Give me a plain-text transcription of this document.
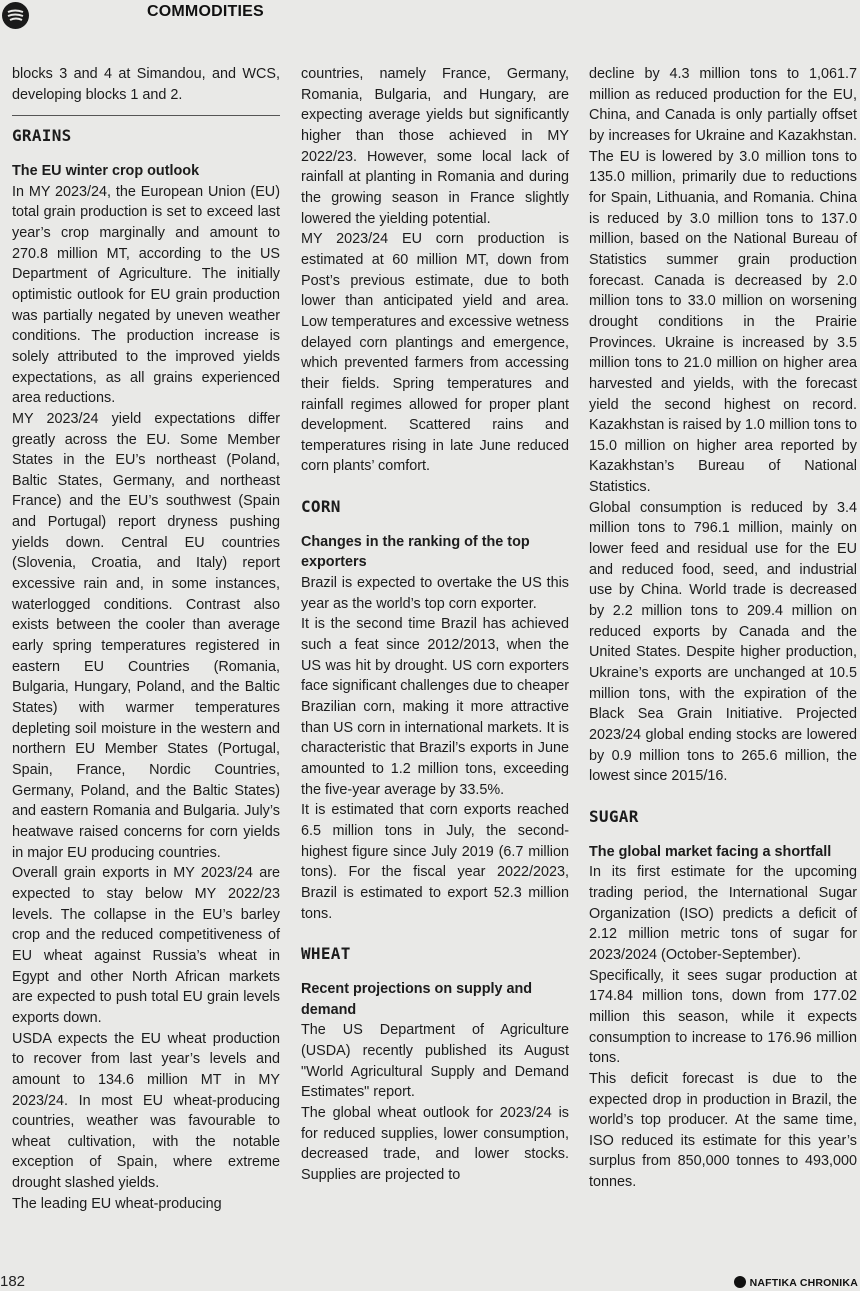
COMMODITIES

blocks 3 and 4 at Simandou, and WCS, developing blocks 1 and 2.

GRAINS

The EU winter crop outlook

In MY 2023/24, the European Union (EU) total grain production is set to exceed last year’s crop marginally and amount to 270.8 million MT, according to the US Department of Agriculture. The initially optimistic outlook for EU grain production was partially negated by uneven weather conditions. The production increase is solely attributed to the improved yields expectations, as all grains experienced area reductions.

MY 2023/24 yield expectations differ greatly across the EU. Some Member States in the EU’s northeast (Poland, Baltic States, Germany, and northeast France) and the EU’s southwest (Spain and Portugal) report dryness pushing yields down. Central EU countries (Slovenia, Croatia, and Italy) report excessive rain and, in some instances, waterlogged conditions. Contrast also exists between the cooler than average early spring temperatures registered in eastern EU Countries (Romania, Bulgaria, Hungary, Poland, and the Baltic States) with warmer temperatures depleting soil moisture in the western and northern EU Member States (Portugal, Spain, France, Nordic Countries, Germany, Poland, and the Baltic States) and eastern Romania and Bulgaria. July’s heatwave raised concerns for corn yields in major EU producing countries.

Overall grain exports in MY 2023/24 are expected to stay below MY 2022/23 levels. The collapse in the EU’s barley crop and the reduced competitiveness of EU wheat against Russia’s wheat in Egypt and other North African markets are expected to push total EU grain levels exports down.

USDA expects the EU wheat production to recover from last year’s levels and amount to 134.6 million MT in MY 2023/24. In most EU wheat-producing countries, weather was favourable to wheat cultivation, with the notable exception of Spain, where extreme drought slashed yields.

The leading EU wheat-producing

countries, namely France, Germany, Romania, Bulgaria, and Hungary, are expecting average yields but significantly higher than those achieved in MY 2022/23. However, some local lack of rainfall at planting in Romania and during the growing season in France slightly lowered the yielding potential.

MY 2023/24 EU corn production is estimated at 60 million MT, down from Post’s previous estimate, due to both lower than anticipated yield and area. Low temperatures and excessive wetness delayed corn plantings and emergence, which prevented farmers from accessing their fields. Spring temperatures and rainfall regimes allowed for proper plant development. Scattered rains and temperatures rising in late June reduced corn plants’ comfort.

CORN

Changes in the ranking of the top exporters

Brazil is expected to overtake the US this year as the world’s top corn exporter.

It is the second time Brazil has achieved such a feat since 2012/2013, when the US was hit by drought. US corn exporters face significant challenges due to cheaper Brazilian corn, making it more attractive than US corn in international markets. It is characteristic that Brazil’s exports in June amounted to 1.2 million tons, exceeding the five-year average by 33.5%.

It is estimated that corn exports reached 6.5 million tons in July, the second-highest figure since July 2019 (6.7 million tons). For the fiscal year 2022/2023, Brazil is estimated to export 52.3 million tons.

WHEAT

Recent projections on supply and demand

The US Department of Agriculture (USDA) recently published its August "World Agricultural Supply and Demand Estimates" report.

The global wheat outlook for 2023/24 is for reduced supplies, lower consumption, decreased trade, and lower stocks. Supplies are projected to

decline by 4.3 million tons to 1,061.7 million as reduced production for the EU, China, and Canada is only partially offset by increases for Ukraine and Kazakhstan. The EU is lowered by 3.0 million tons to 135.0 million, primarily due to reductions for Spain, Lithuania, and Romania. China is reduced by 3.0 million tons to 137.0 million, based on the National Bureau of Statistics summer grain production forecast. Canada is decreased by 2.0 million tons to 33.0 million on worsening drought conditions in the Prairie Provinces. Ukraine is increased by 3.5 million tons to 21.0 million on higher area harvested and yields, with the forecast yield the second highest on record. Kazakhstan is raised by 1.0 million tons to 15.0 million on higher area reported by Kazakhstan’s Bureau of National Statistics.

Global consumption is reduced by 3.4 million tons to 796.1 million, mainly on lower feed and residual use for the EU and reduced food, seed, and industrial use by China. World trade is decreased by 2.2 million tons to 209.4 million on reduced exports by Canada and the United States. Despite higher production, Ukraine’s exports are unchanged at 10.5 million tons, with the expiration of the Black Sea Grain Initiative. Projected 2023/24 global ending stocks are lowered by 0.9 million tons to 265.6 million, the lowest since 2015/16.

SUGAR

The global market facing a shortfall

In its first estimate for the upcoming trading period, the International Sugar Organization (ISO) predicts a deficit of 2.12 million metric tons of sugar for 2023/2024 (October-September).

Specifically, it sees sugar production at 174.84 million tons, down from 177.02 million this season, while it expects consumption to increase to 176.96 million tons.

This deficit forecast is due to the expected drop in production in Brazil, the world’s top producer. At the same time, ISO reduced its estimate for this year’s surplus from 850,000 tonnes to 493,000 tonnes.

182	NAFTIKA CHRONIKA
